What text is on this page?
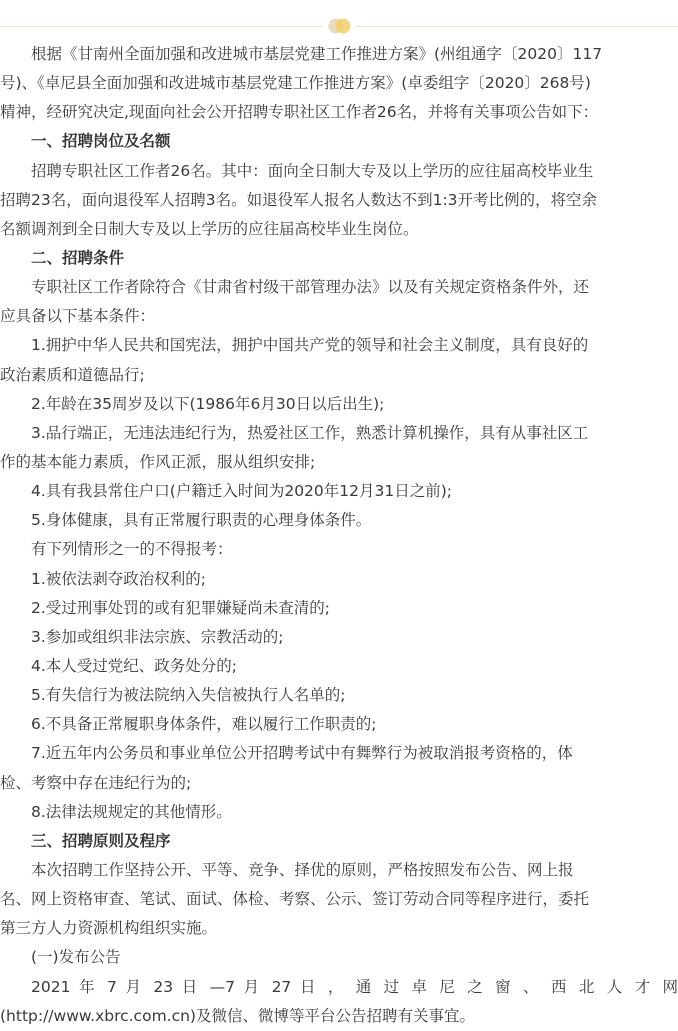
根据《甘南州全面加强和改进城市基层党建工作推进方案》(州组通字〔2020〕117
号)、《卓尼县全面加强和改进城市基层党建工作推进方案》(卓委组字〔2020〕268号)
精神，经研究决定,现面向社会公开招聘专职社区工作者26名，并将有关事项公告如下：
一、招聘岗位及名额
招聘专职社区工作者26名。其中：面向全日制大专及以上学历的应往届高校毕业生
招聘23名，面向退役军人招聘3名。如退役军人报名人数达不到1:3开考比例的，将空余
名额调剂到全日制大专及以上学历的应往届高校毕业生岗位。
二、招聘条件
专职社区工作者除符合《甘肃省村级干部管理办法》以及有关规定资格条件外，还
应具备以下基本条件：
1.拥护中华人民共和国宪法，拥护中国共产党的领导和社会主义制度，具有良好的
政治素质和道德品行;
2.年龄在35周岁及以下(1986年6月30日以后出生);
3.品行端正，无违法违纪行为，热爱社区工作，熟悉计算机操作，具有从事社区工
作的基本能力素质，作风正派，服从组织安排;
4.具有我县常住户口(户籍迁入时间为2020年12月31日之前);
5.身体健康，具有正常履行职责的心理身体条件。
有下列情形之一的不得报考：
1.被依法剥夺政治权利的;
2.受过刑事处罚的或有犯罪嫌疑尚未查清的;
3.参加或组织非法宗族、宗教活动的;
4.本人受过党纪、政务处分的;
5.有失信行为被法院纳入失信被执行人名单的;
6.不具备正常履职身体条件，难以履行工作职责的;
7.近五年内公务员和事业单位公开招聘考试中有舞弊行为被取消报考资格的，体
检、考察中存在违纪行为的;
8.法律法规规定的其他情形。
三、招聘原则及程序
本次招聘工作坚持公开、平等、竞争、择优的原则，严格按照发布公告、网上报
名、网上资格审查、笔试、面试、体检、考察、公示、签订劳动合同等程序进行，委托
第三方人力资源机构组织实施。
(一)发布公告
2021 年 7 月 23 日 —7 月 27 日 ， 通 过 卓 尼 之 窗 、 西 北 人 才 网
(http://www.xbrc.com.cn)及微信、微博等平台公告招聘有关事宜。
